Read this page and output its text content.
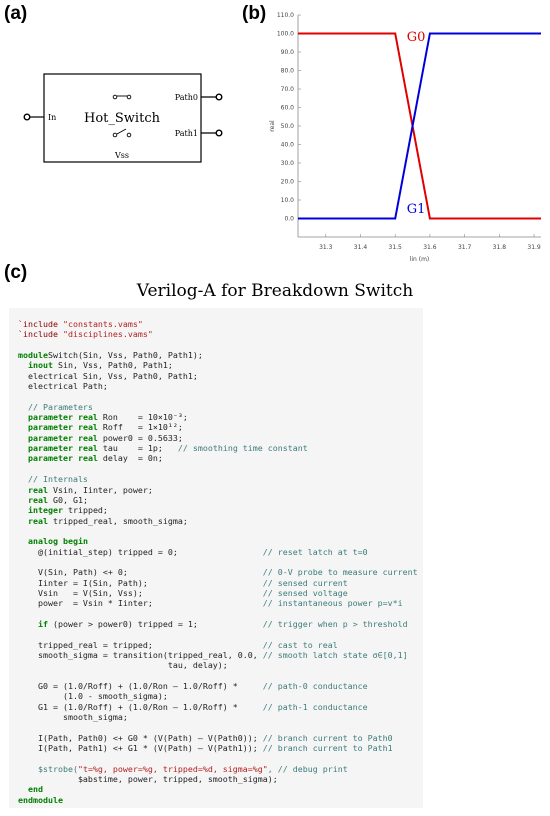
(a)	(b)
(c)
Hot_Switch
In
Path0
Path1
Vss
0.0
10.0
20.0
30.0
40.0
50.0
60.0
70.0
80.0
90.0
100.0
110.0
31.3	31.4	31.5	31.6	31.7	31.8	31.9
G0
G1
lin (m)
real
Verilog-A for Breakdown Switch
`include "constants.vams"
`include "disciplines.vams"

moduleSwitch(Sin, Vss, Path0, Path1);
inout Sin, Vss, Path0, Path1;
electrical Sin, Vss, Path0, Path1;
electrical Path;

// Parameters
parameter real Ron    = 10×10⁻³;
parameter real Roff   = 1×10¹²;
parameter real power0 = 0.5633;
parameter real tau    = 1p;   // smoothing time constant
parameter real delay  = 0n;

// Internals
real Vsin, Iinter, power;
real G0, G1;
integer tripped;
real tripped_real, smooth_sigma;

analog begin
@(initial_step) tripped = 0;                 // reset latch at t=0

V(Sin, Path) <+ 0;                           // 0-V probe to measure current
Iinter = I(Sin, Path);                       // sensed current
Vsin   = V(Sin, Vss);                        // sensed voltage
power  = Vsin * Iinter;                      // instantaneous power p=v*i

if (power > power0) tripped = 1;             // trigger when p > threshold

tripped_real = tripped;                      // cast to real
smooth_sigma = transition(tripped_real, 0.0, // smooth latch state σ∈[0,1]
tau, delay);

G0 = (1.0/Roff) + (1.0/Ron – 1.0/Roff) *     // path-0 conductance
(1.0 - smooth_sigma);
G1 = (1.0/Roff) + (1.0/Ron – 1.0/Roff) *     // path-1 conductance
smooth_sigma;

I(Path, Path0) <+ G0 * (V(Path) – V(Path0)); // branch current to Path0
I(Path, Path1) <+ G1 * (V(Path) – V(Path1)); // branch current to Path1

$strobe("t=%g, power=%g, tripped=%d, sigma=%g", // debug print
$abstime, power, tripped, smooth_sigma);
end
endmodule
